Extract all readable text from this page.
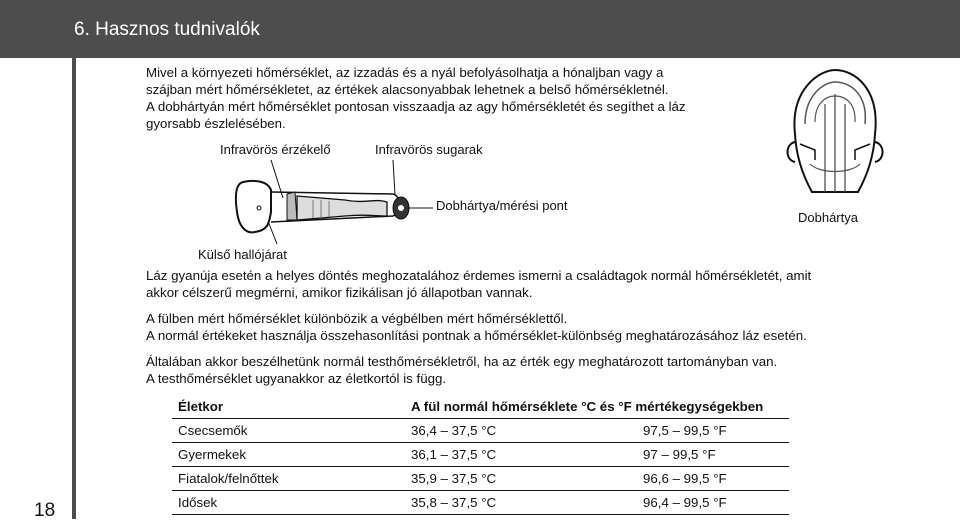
6. Hasznos tudnivalók
18
Mivel a környezeti hőmérséklet, az izzadás és a nyál befolyásolhatja a hónaljban vagy a
szájban mért hőmérsékletet, az értékek alacsonyabbak lehetnek a belső hőmérsékletnél.
A dobhártyán mért hőmérséklet pontosan visszaadja az agy hőmérsékletét és segíthet a láz
gyorsabb észlelésében.
Infravörös érzékelő	Infravörös sugarak
Dobhártya/mérési pont
Külső hallójárat
Dobhártya
Láz gyanúja esetén a helyes döntés meghozatalához érdemes ismerni a családtagok normál hőmérsékletét, amit
akkor célszerű megmérni, amikor fizikálisan jó állapotban vannak.
A fülben mért hőmérséklet különbözik a végbélben mért hőmérséklettől.
A normál értékeket használja összehasonlítási pontnak a hőmérséklet-különbség meghatározásához láz esetén.
Általában akkor beszélhetünk normál testhőmérsékletről, ha az érték egy meghatározott tartományban van.
A testhőmérséklet ugyanakkor az életkortól is függ.
Életkor	A fül normál hőmérséklete °C és °F mértékegységekben	
Csecsemők	36,4 – 37,5 °C	97,5 – 99,5 °F
Gyermekek	36,1 – 37,5 °C	97 – 99,5 °F
Fiatalok/felnőttek	35,9 – 37,5 °C	96,6 – 99,5 °F
Idősek	35,8 – 37,5 °C	96,4 – 99,5 °F
